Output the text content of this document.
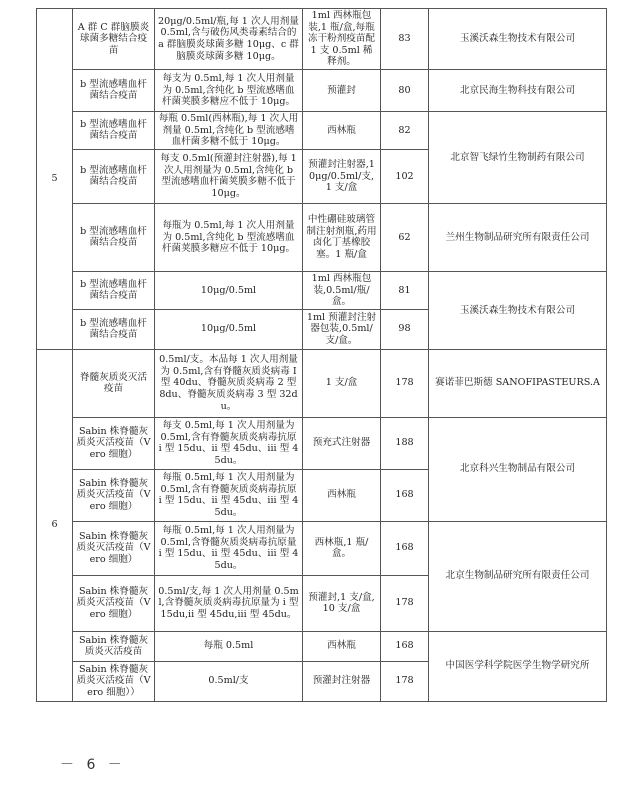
5	A 群 C 群脑膜炎球菌多糖结合疫苗	20μg/0.5ml/瓶,每 1 次人用剂量 0.5ml,含与破伤风类毒素结合的 a 群脑膜炎球菌多糖 10μg、c 群脑膜炎球菌多糖 10μg。	1ml 西林瓶包装,1 瓶/盒,每瓶冻干粉剂疫苗配 1 支 0.5ml 稀释剂。	83	玉溪沃森生物技术有限公司
	b 型流感嗜血杆菌结合疫苗	每支为 0.5ml,每 1 次人用剂量为 0.5ml,含纯化 b 型流感嗜血杆菌荚膜多糖应不低于 10μg。	预灌封	80	北京民海生物科技有限公司
	b 型流感嗜血杆菌结合疫苗	每瓶 0.5ml(西林瓶),每 1 次人用剂量 0.5ml,含纯化 b 型流感嗜血杆菌多糖不低于 10μg。	西林瓶	82	北京智飞绿竹生物制药有限公司
	b 型流感嗜血杆菌结合疫苗	每支 0.5ml(预灌封注射器),每 1 次人用剂量为 0.5ml,含纯化 b 型流感嗜血杆菌荚膜多糖不低于 10μg。	预灌封注射器,10μg/0.5ml/支,1 支/盒	102	
	b 型流感嗜血杆菌结合疫苗	每瓶为 0.5ml,每 1 次人用剂量为 0.5ml,含纯化 b 型流感嗜血杆菌荚膜多糖应不低于 10μg。	中性硼硅玻璃管制注射剂瓶,药用卤化丁基橡胶塞。1 瓶/盒	62	兰州生物制品研究所有限责任公司
	b 型流感嗜血杆菌结合疫苗	10μg/0.5ml	1ml 西林瓶包装,0.5ml/瓶/盒。	81	玉溪沃森生物技术有限公司
	b 型流感嗜血杆菌结合疫苗	10μg/0.5ml	1ml 预灌封注射器包装,0.5ml/支/盒。	98	
6	脊髓灰质炎灭活疫苗	0.5ml/支。本品每 1 次人用剂量为 0.5ml,含有脊髓灰质炎病毒 I 型 40du、脊髓灰质炎病毒 2 型 8du、脊髓灰质炎病毒 3 型 32du。	1 支/盒	178	赛诺菲巴斯德 SANOFIPASTEURS.A
	Sabin 株脊髓灰质炎灭活疫苗（Vero 细胞）	每支 0.5ml,每 1 次人用剂量为 0.5ml,含有脊髓灰质炎病毒抗原 i 型 15du、ii 型 45du、iii 型 45du。	预充式注射器	188	北京科兴生物制品有限公司
	Sabin 株脊髓灰质炎灭活疫苗（Vero 细胞）	每瓶 0.5ml,每 1 次人用剂量为 0.5ml,含有脊髓灰质炎病毒抗原 i 型 15du、ii 型 45du、iii 型 45du。	西林瓶	168	
	Sabin 株脊髓灰质炎灭活疫苗（Vero 细胞）	每瓶 0.5ml,每 1 次人用剂量为 0.5ml,含脊髓灰质炎病毒抗原量 i 型 15du、ii 型 45du、iii 型 45du。	西林瓶,1 瓶/盒。	168	北京生物制品研究所有限责任公司
	Sabin 株脊髓灰质炎灭活疫苗（Vero 细胞）	0.5ml/支,每 1 次人用剂量 0.5ml,含脊髓灰质炎病毒抗原量为 i 型 15du,ii 型 45du,iii 型 45du。	预灌封,1 支/盒,10 支/盒	178	
	Sabin 株脊髓灰质炎灭活疫苗	每瓶 0.5ml	西林瓶	168	中国医学科学院医学生物学研究所
	Sabin 株脊髓灰质炎灭活疫苗（Vero 细胞））	0.5ml/支	预灌封注射器	178	
－ 6 －
